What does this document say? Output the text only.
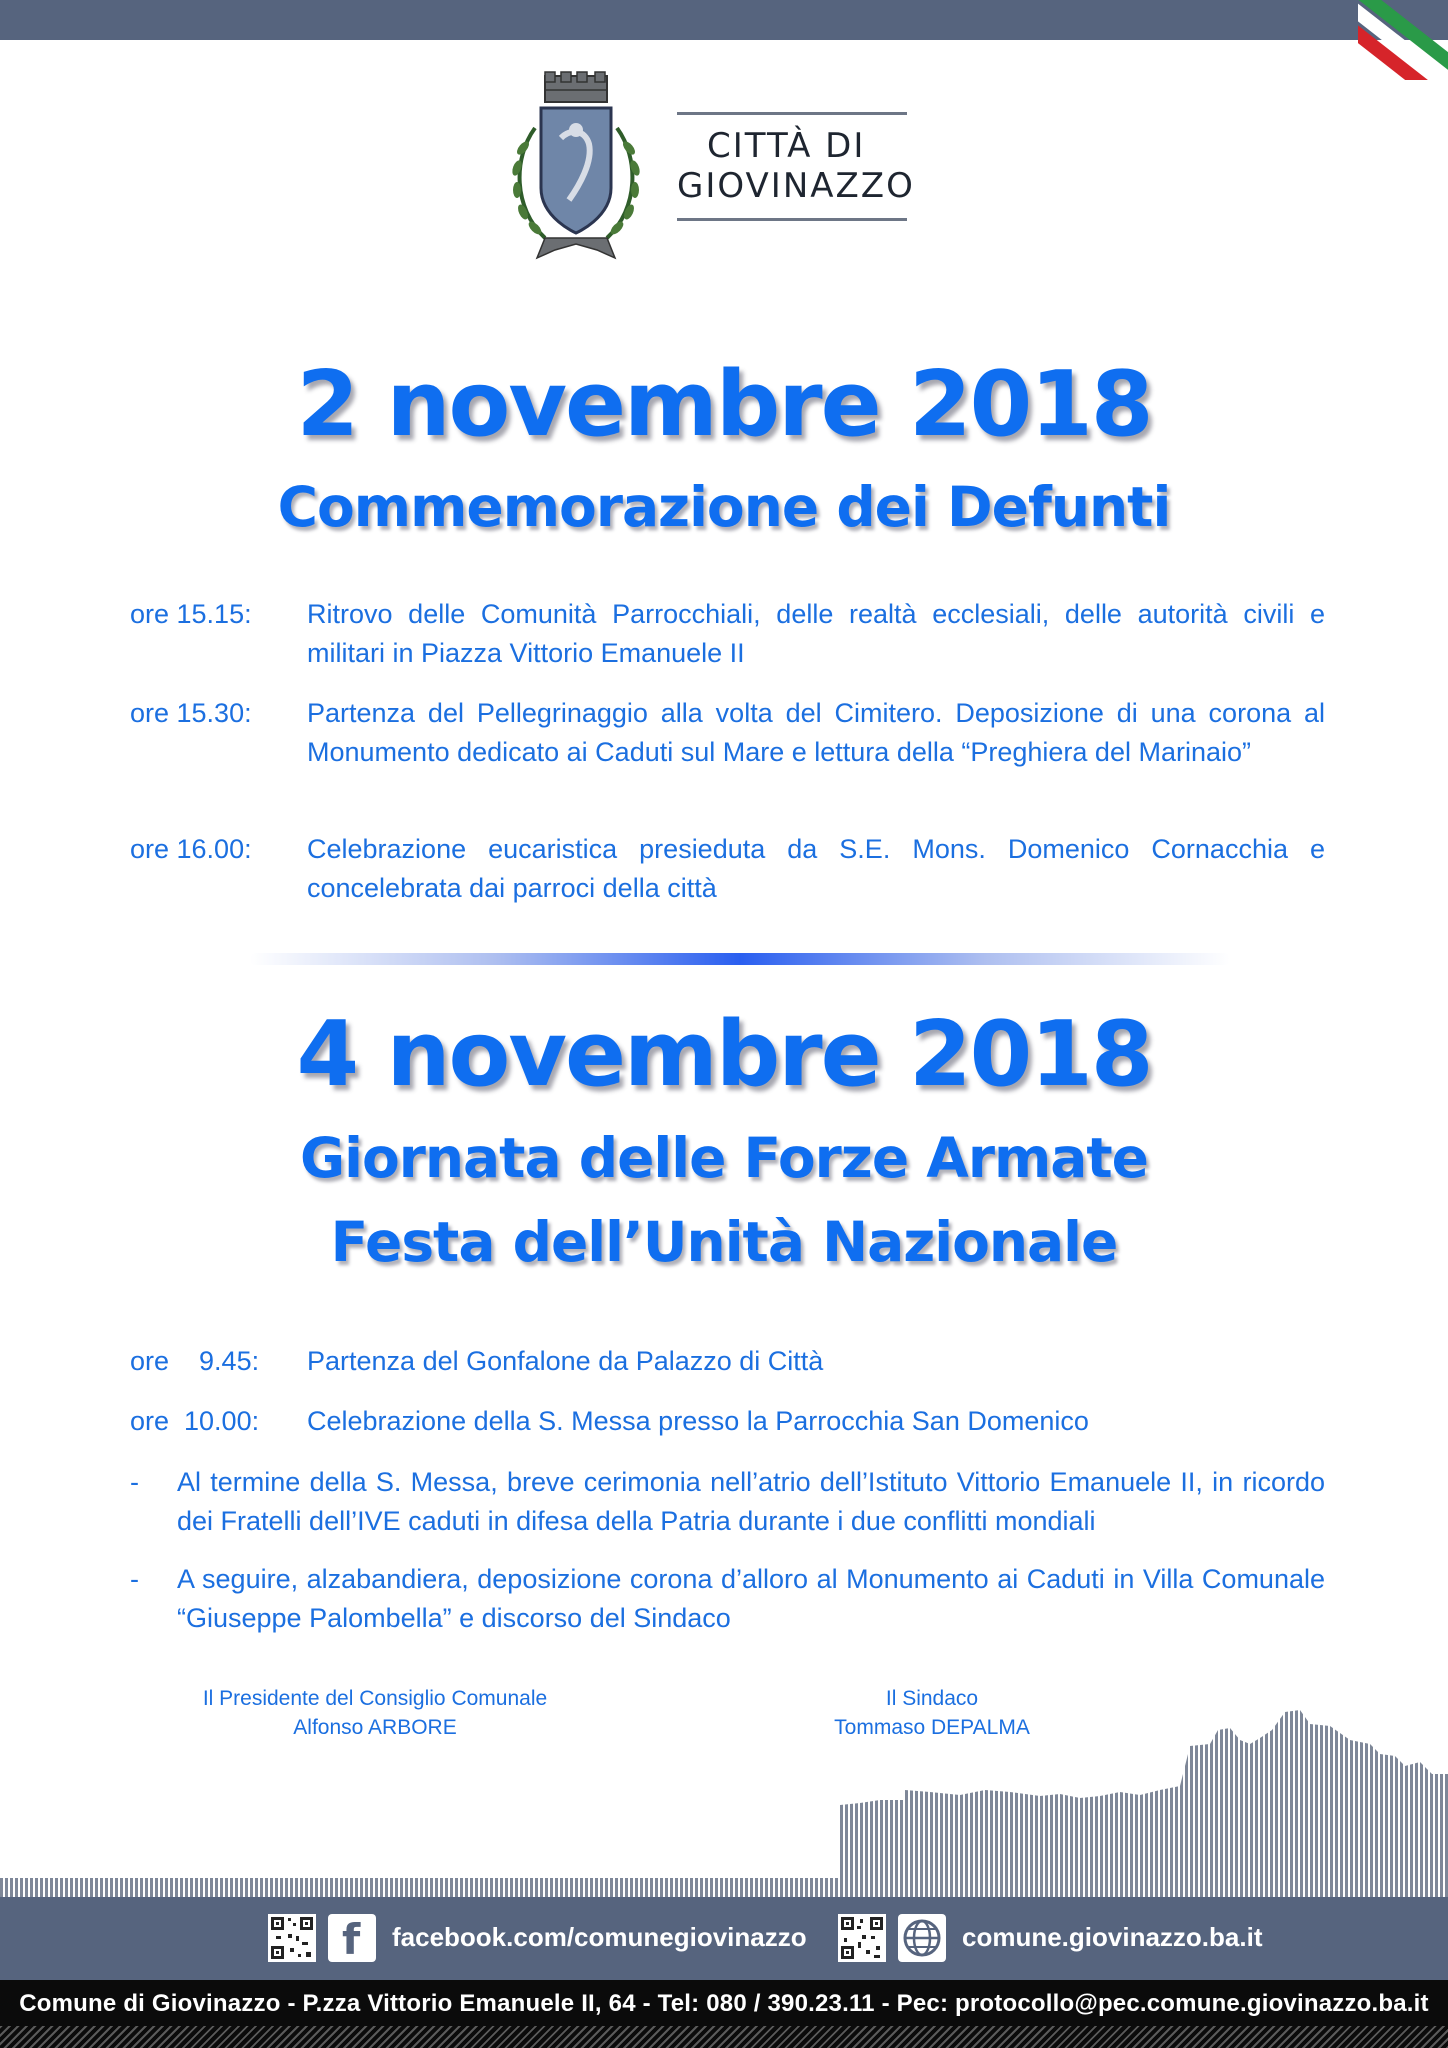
CITTÀ DI
GIOVINAZZO
2 novembre 2018
Commemorazione dei Defunti
ore 15.15:	Ritrovo delle Comunità Parrocchiali, delle realtà ecclesiali, delle autorità civili e militari in Piazza Vittorio Emanuele II
ore 15.30:	Partenza del Pellegrinaggio alla volta del Cimitero. Deposizione di una corona al Monumento dedicato ai Caduti sul Mare e lettura della “Preghiera del Marinaio”
ore 16.00:	Celebrazione eucaristica presieduta da S.E. Mons. Domenico Cornacchia e concelebrata dai parroci della città
4 novembre 2018
Giornata delle Forze Armate
Festa dell’Unità Nazionale
ore    9.45:	Partenza del Gonfalone da Palazzo di Città
ore  10.00:	Celebrazione della S. Messa presso la Parrocchia San Domenico
- Al termine della S. Messa, breve cerimonia nell’atrio dell’Istituto Vittorio Emanuele II, in ricordo dei Fratelli dell’IVE caduti in difesa della Patria durante i due conflitti mondiali
- A seguire, alzabandiera, deposizione corona d’alloro al Monumento ai Caduti in Villa Comunale “Giuseppe Palombella” e discorso del Sindaco
Il Presidente del Consiglio Comunale
Alfonso ARBORE
Il Sindaco
Tommaso DEPALMA
f facebook.com/comunegiovinazzo	comune.giovinazzo.ba.it
Comune di Giovinazzo - P.zza Vittorio Emanuele II, 64 - Tel: 080 / 390.23.11 - Pec: protocollo@pec.comune.giovinazzo.ba.it
